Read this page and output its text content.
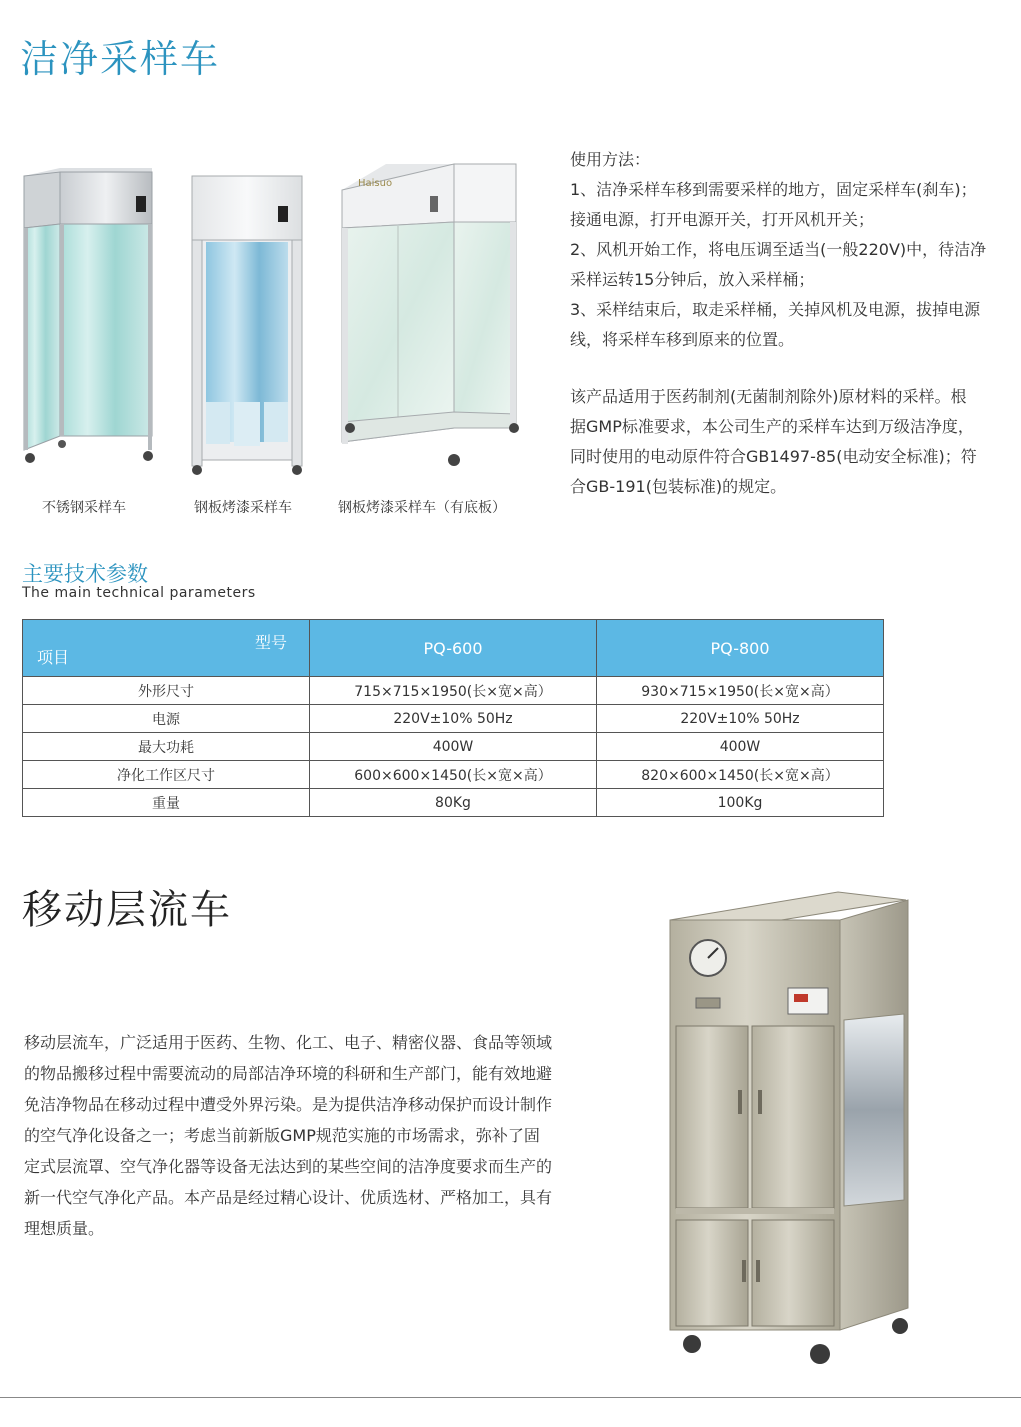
洁净采样车
Haisuo
不锈钢采样车	钢板烤漆采样车	钢板烤漆采样车（有底板）

使用方法：

1、洁净采样车移到需要采样的地方，固定采样车(刹车)；接通电源，打开电源开关，打开风机开关；

2、风机开始工作，将电压调至适当(一般220V)中，待洁净采样运转15分钟后，放入采样桶；

3、采样结束后，取走采样桶，关掉风机及电源，拔掉电源线，将采样车移到原来的位置。

该产品适用于医药制剂(无菌制剂除外)原材料的采样。根据GMP标准要求，本公司生产的采样车达到万级洁净度，同时使用的电动原件符合GB1497-85(电动安全标准)；符合GB-191(包装标准)的规定。

主要技术参数
The main technical parameters
型号
项目	PQ-600	PQ-800
外形尺寸	715×715×1950(长×宽×高）	930×715×1950(长×宽×高）
电源	220V±10% 50Hz	220V±10% 50Hz
最大功耗	400W	400W
净化工作区尺寸	600×600×1450(长×宽×高）	820×600×1450(长×宽×高）
重量	80Kg	100Kg
移动层流车

移动层流车，广泛适用于医药、生物、化工、电子、精密仪器、食品等领域的物品搬移过程中需要流动的局部洁净环境的科研和生产部门，能有效地避免洁净物品在移动过程中遭受外界污染。是为提供洁净移动保护而设计制作的空气净化设备之一；考虑当前新版GMP规范实施的市场需求，弥补了固定式层流罩、空气净化器等设备无法达到的某些空间的洁净度要求而生产的新一代空气净化产品。本产品是经过精心设计、优质选材、严格加工，具有理想质量。
